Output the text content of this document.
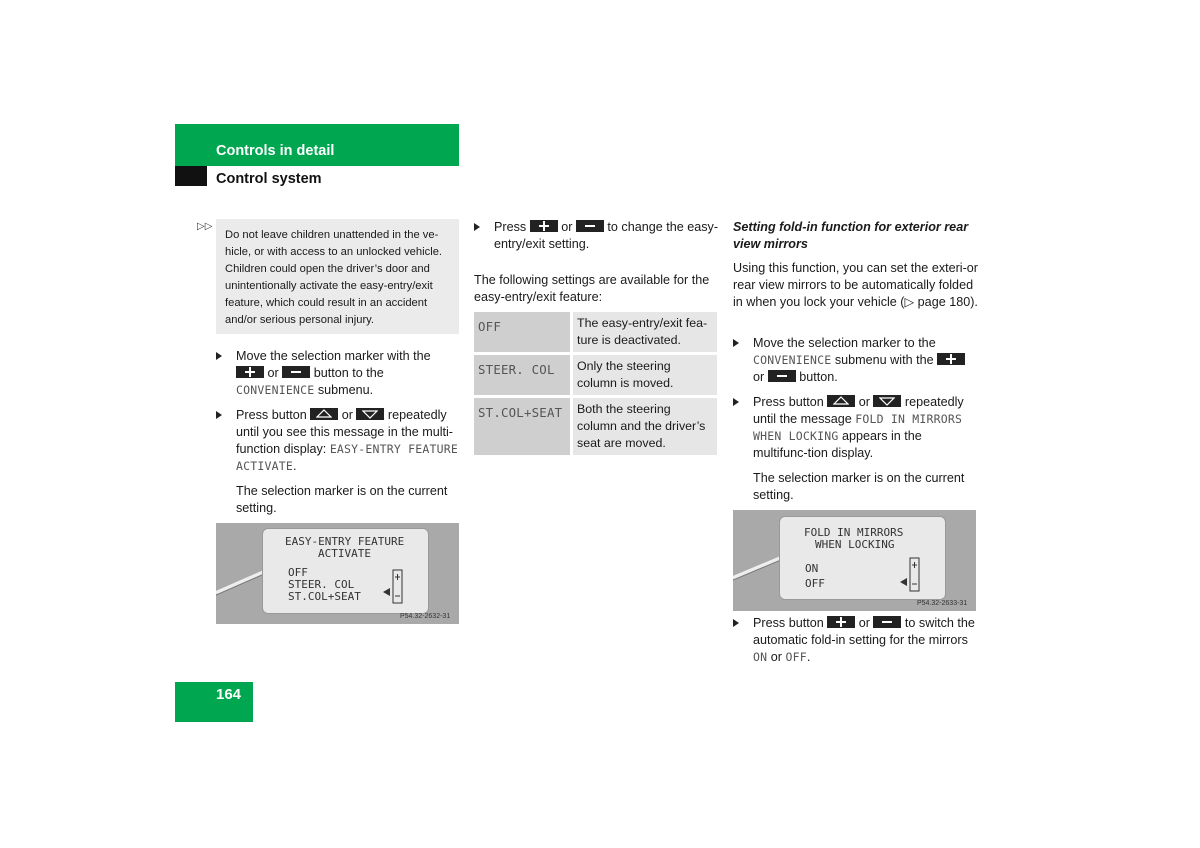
Controls in detail
Control system
▷▷

Do not leave children unattended in the ve-hicle, or with access to an unlocked vehicle. Children could open the driver’s door and unintentionally activate the easy-entry/exit feature, which could result in an accident and/or serious personal injury.

Move the selection marker with the  or	button to the CONVENIENCE submenu.
Press button	or	repeatedly until you see this message in the multi-function display: EASY-ENTRY FEATURE ACTIVATE.
The selection marker is on the current setting.
EASY-ENTRY FEATURE
ACTIVATE
OFF
STEER. COL
ST.COL+SEAT
P54.32-2632-31
Press	or	to change the easy-entry/exit setting.
The following settings are available for the easy-entry/exit feature:
OFF	The easy-entry/exit fea-ture is deactivated.
STEER. COL	Only the steering column is moved.
ST.COL+SEAT	Both the steering column and the driver’s seat are moved.
Setting fold-in function for exterior rear view mirrors
Using this function, you can set the exteri-or rear view mirrors to be automatically folded in when you lock your vehicle (▷ page 180).
Move the selection marker to the CONVENIENCE submenu with the  or	button.
Press button	or	repeatedly until the message FOLD IN MIRRORS WHEN LOCKING appears in the multifunc-tion display.
The selection marker is on the current setting.
FOLD IN MIRRORS
WHEN LOCKING
ON
OFF
P54.32-2633-31
Press button	or	to switch the automatic fold-in setting for the mirrors ON or OFF.
164
